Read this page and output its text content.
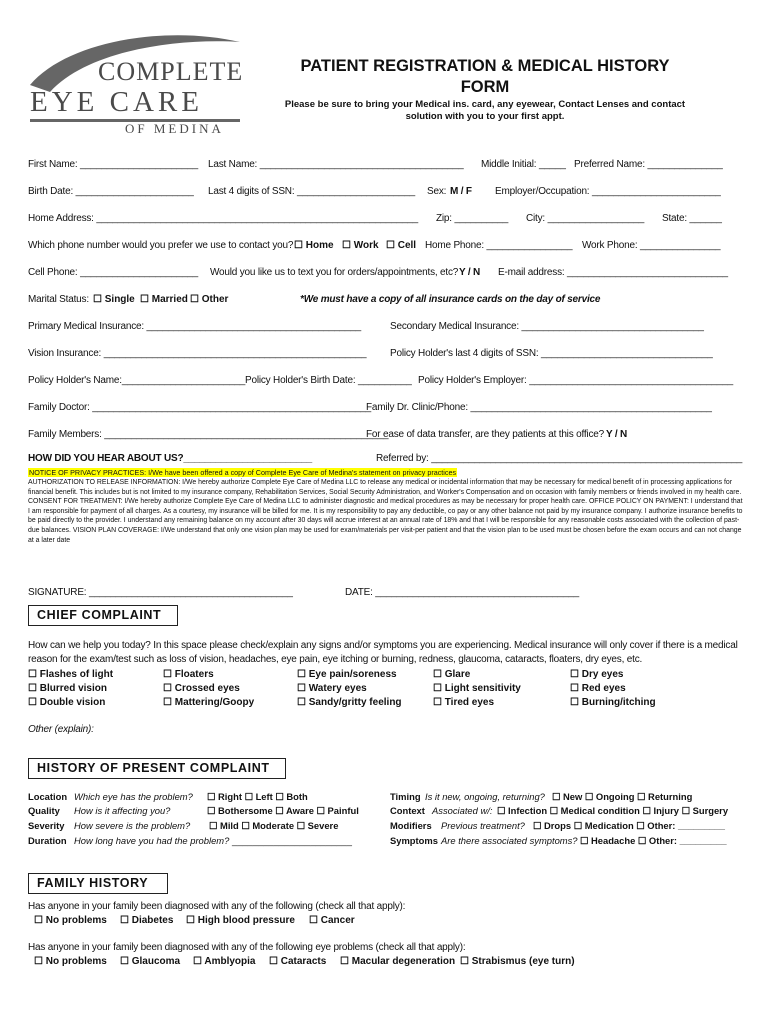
COMPLETE
EYE CARE
OF MEDINA
PATIENT REGISTRATION & MEDICAL HISTORY FORM
Please be sure to bring your Medical ins. card, any eyewear, Contact Lenses and contact solution with you to your first appt.
First Name: ______________________ Last Name: ______________________________________ Middle Initial: _____ Preferred Name: ______________
Birth Date: ______________________ Last 4 digits of SSN: ______________________ Sex: M / F Employer/Occupation: ________________________
Home Address: ____________________________________________________________ Zip: __________ City: __________________ State: ______
Which phone number would you prefer we use to contact you? ☐ Home ☐ Work ☐ Cell Home Phone: ________________ Work Phone: _______________
Cell Phone: ______________________ Would you like us to text you for orders/appointments, etc? Y / N E-mail address: ______________________________
Marital Status: ☐ Single ☐ Married ☐ Other	*We must have a copy of all insurance cards on the day of service
Primary Medical Insurance: ________________________________________	Secondary Medical Insurance: __________________________________
Vision Insurance: _________________________________________________ Policy Holder's last 4 digits of SSN: ________________________________
Policy Holder's Name:_______________________ Policy Holder's Birth Date: __________ Policy Holder's Employer: ______________________________________
Family Doctor: ____________________________________________________
Family Dr. Clinic/Phone: _____________________________________________
Family Members: _____________________________________________________
For ease of data transfer, are they patients at this office? Y / N
HOW DID YOU HEAR ABOUT US?________________________	Referred by: __________________________________________________________
NOTICE OF PRIVACY PRACTICES: I/We have been offered a copy of Complete Eye Care of Medina's statement on privacy practices
AUTHORIZATION TO RELEASE INFORMATION: I/We hereby authorize Complete Eye Care of Medina LLC to release any medical or incidental information that may be necessary for medical benefit of in processing applications for financial benefit. This includes but is not limited to my insurance company, Rehabilitation Services, Social Security Administration, and Worker's Compensation and on occasion with family members or friends involved in my health care. CONSENT FOR TREATMENT: I/We hereby authorize Complete Eye Care of Medina LLC to administer diagnostic and medical procedures as may be necessary for proper health care. OFFICE POLICY ON PAYMENT: I understand that I am responsible for payment of all charges. As a courtesy, my insurance will be billed for me. It is my responsibility to pay any deductible, co pay or any other balance not paid by my insurance company. I authorize insurance benefits to be paid directly to the provider. I understand any remaining balance on my account after 30 days will accrue interest at an annual rate of 18% and that I will be responsible for any reasonable costs associated with the collection of past-due balances. VISION PLAN COVERAGE: I/We understand that only one vision plan may be used for exam/materials per visit-per patient and that the vision plan to be used must be chosen before the exam occurs and can not change at a later date
SIGNATURE: ______________________________________	DATE: ______________________________________
CHIEF COMPLAINT
How can we help you today? In this space please check/explain any signs and/or symptoms you are experiencing. Medical insurance will only cover if there is a medical
reason for the exam/test such as loss of vision, headaches, eye pain, eye itching or burning, redness, glaucoma, cataracts, floaters, dry eyes, etc.
Other (explain):
HISTORY OF PRESENT COMPLAINT
Location Which eye has the problem? ☐ Right ☐ Left ☐ Both
Quality How is it affecting you?	☐ Bothersome ☐ Aware ☐ Painful
Severity How severe is the problem? ☐ Mild ☐ Moderate ☐ Severe
Duration How long have you had the problem? _______________________
Timing Is it new, ongoing, returning? ☐ New ☐ Ongoing ☐ Returning
Context Associated w/: ☐ Infection ☐ Medical condition ☐ Injury ☐ Surgery
Modifiers Previous treatment? ☐ Drops ☐ Medication ☐ Other: _________
Symptoms Are there associated symptoms? ☐ Headache ☐ Other: _________
FAMILY HISTORY
Has anyone in your family been diagnosed with any of the following (check all that apply):
Has anyone in your family been diagnosed with any of the following eye problems (check all that apply):
☐ Flashes of light	☐ Floaters	☐ Eye pain/soreness	☐ Glare	☐ Dry eyes
☐ Blurred vision	☐ Crossed eyes	☐ Watery eyes	☐ Light sensitivity	☐ Red eyes
☐ Double vision	☐ Mattering/Goopy	☐ Sandy/gritty feeling	☐ Tired eyes	☐ Burning/itching
☐ No problems ☐ Diabetes ☐ High blood pressure ☐ Cancer
☐ No problems ☐ Glaucoma ☐ Amblyopia ☐ Cataracts ☐ Macular degeneration ☐ Strabismus (eye turn)
